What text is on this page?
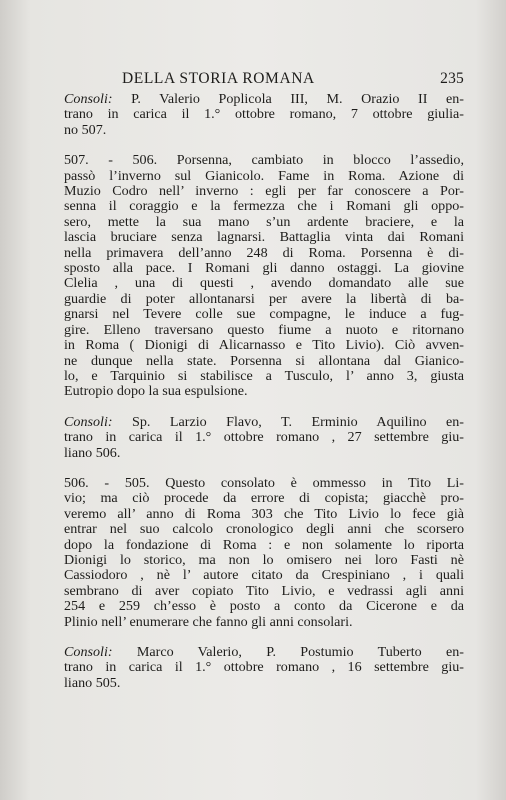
DELLA STORIA ROMANA	235
Consoli: P. Valerio Poplicola III, M. Orazio II en-
trano in carica il 1.° ottobre romano, 7 ottobre giulia-
no 507.
507. - 506. Porsenna, cambiato in blocco l’assedio,
passò l’inverno sul Gianicolo. Fame in Roma. Azione di
Muzio Codro nell’ inverno : egli per far conoscere a Por-
senna il coraggio e la fermezza che i Romani gli oppo-
sero, mette la sua mano s’un ardente braciere, e la
lascia bruciare senza lagnarsi. Battaglia vinta dai Romani
nella primavera dell’anno 248 di Roma. Porsenna è di-
sposto alla pace. I Romani gli danno ostaggi. La giovine
Clelia , una di questi , avendo domandato alle sue
guardie di poter allontanarsi per avere la libertà di ba-
gnarsi nel Tevere colle sue compagne, le induce a fug-
gire. Elleno traversano questo fiume a nuoto e ritornano
in Roma ( Dionigi di Alicarnasso e Tito Livio). Ciò avven-
ne dunque nella state. Porsenna si allontana dal Gianico-
lo, e Tarquinio si stabilisce a Tusculo, l’ anno 3, giusta
Eutropio dopo la sua espulsione.
Consoli: Sp. Larzio Flavo, T. Erminio Aquilino en-
trano in carica il 1.° ottobre romano , 27 settembre giu-
liano 506.
506. - 505. Questo consolato è ommesso in Tito Li-
vio; ma ciò procede da errore di copista; giacchè pro-
veremo all’ anno di Roma 303 che Tito Livio lo fece già
entrar nel suo calcolo cronologico degli anni che scorsero
dopo la fondazione di Roma : e non solamente lo riporta
Dionigi lo storico, ma non lo omisero nei loro Fasti nè
Cassiodoro , nè l’ autore citato da Crespiniano , i quali
sembrano di aver copiato Tito Livio, e vedrassi agli anni
254 e 259 ch’esso è posto a conto da Cicerone e da
Plinio nell’ enumerare che fanno gli anni consolari.
Consoli: Marco Valerio, P. Postumio Tuberto en-
trano in carica il 1.° ottobre romano , 16 settembre giu-
liano 505.
